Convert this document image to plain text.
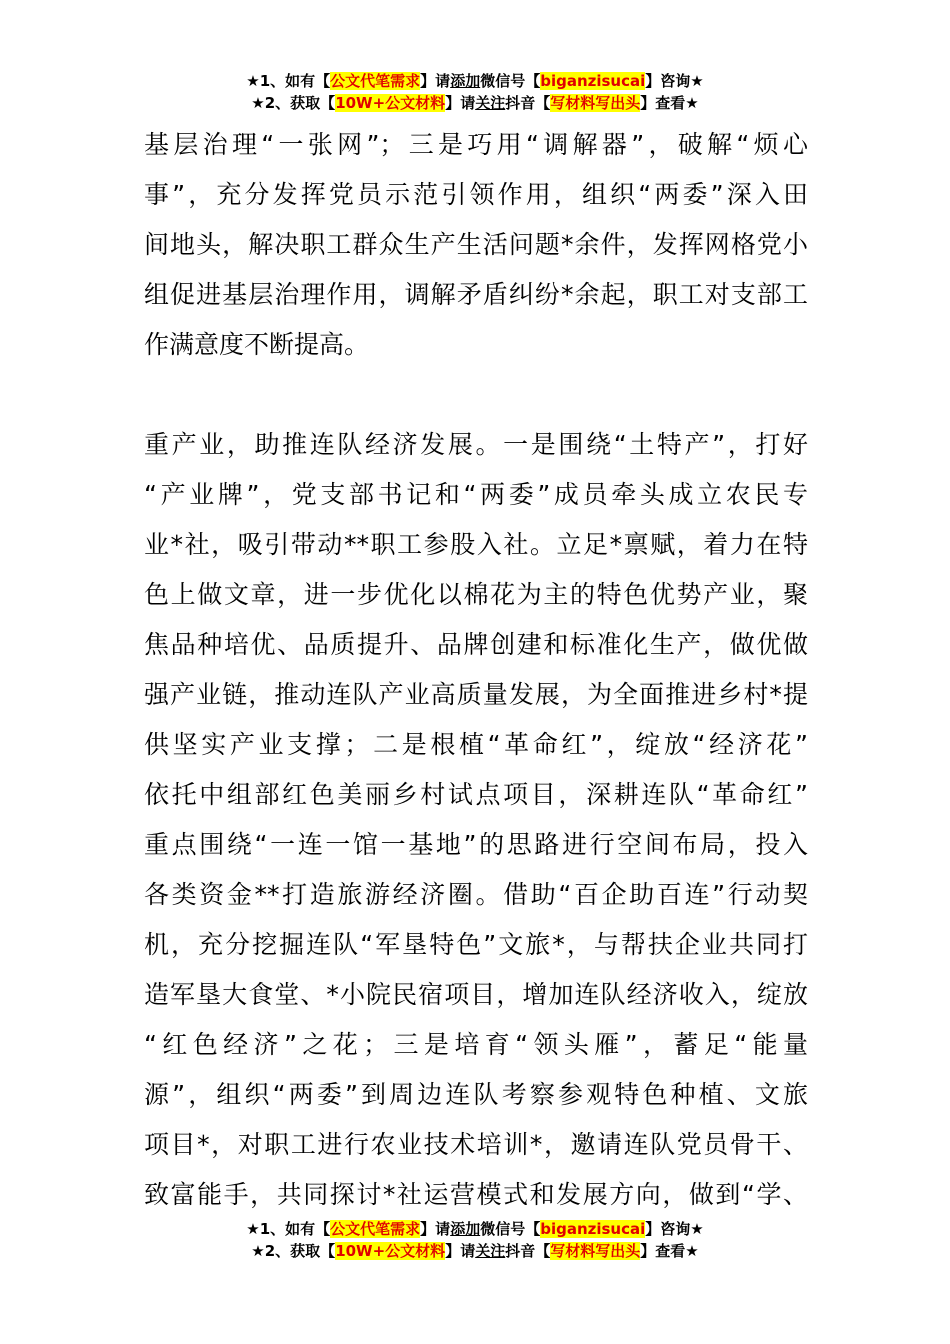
★1、如有【公文代笔需求】请添加微信号【biganzisucai】咨询★
★2、获取【10W+公文材料】请关注抖音【写材料写出头】查看★
基层治理“一张网”；三是巧用“调解器”，破解“烦心
事”，充分发挥党员示范引领作用，组织“两委”深入田
间地头，解决职工群众生产生活问题*余件，发挥网格党小
组促进基层治理作用，调解矛盾纠纷*余起，职工对支部工
作满意度不断提高。
重产业，助推连队经济发展。一是围绕“土特产”，打好
“产业牌”，党支部书记和“两委”成员牵头成立农民专
业*社，吸引带动**职工参股入社。立足*禀赋，着力在特
色上做文章，进一步优化以棉花为主的特色优势产业，聚
焦品种培优、品质提升、品牌创建和标准化生产，做优做
强产业链，推动连队产业高质量发展，为全面推进乡村*提
供坚实产业支撑；二是根植“革命红”，绽放“经济花”
依托中组部红色美丽乡村试点项目，深耕连队“革命红”
重点围绕“一连一馆一基地”的思路进行空间布局，投入
各类资金**打造旅游经济圈。借助“百企助百连”行动契
机，充分挖掘连队“军垦特色”文旅*，与帮扶企业共同打
造军垦大食堂、*小院民宿项目，增加连队经济收入，绽放
“红色经济”之花；三是培育“领头雁”，蓄足“能量
源”，组织“两委”到周边连队考察参观特色种植、文旅
项目*，对职工进行农业技术培训*，邀请连队党员骨干、
致富能手，共同探讨*社运营模式和发展方向，做到“学、
★1、如有【公文代笔需求】请添加微信号【biganzisucai】咨询★
★2、获取【10W+公文材料】请关注抖音【写材料写出头】查看★
